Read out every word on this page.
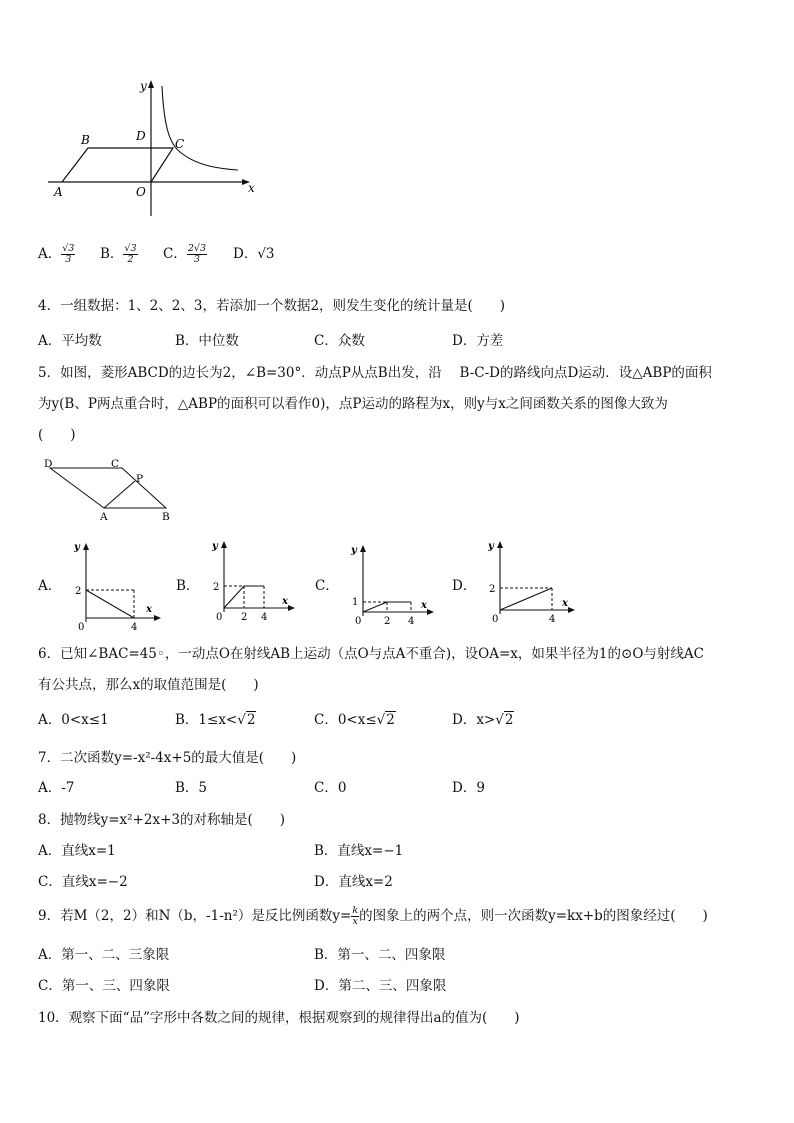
y
x
A
B	D
C
O
A． $\frac{√3}{3}$ B． $\frac{√3}{2}$ C． $\frac{2√3}{3}$ D．√3
4．一组数据：1、2、2、3，若添加一个数据2，则发生变化的统计量是(　　)
A．平均数	B．中位数	C．众数	D．方差
5．如图，菱形ABCD的边长为2，∠B=30°．动点P从点B出发，沿　 B-C-D的路线向点D运动．设△ABP的面积
为y(B、P两点重合时，△ABP的面积可以看作0)，点P运动的路程为x，则y与x之间函数关系的图像大致为
(　　)
D	C
P
A	B
A．
y
x
2
0	4
B．
y
x
2
0 2 4
C．
y
x
1
0 2 4
D．
y
x
2
0	4
6．已知∠BAC=45◦，一动点O在射线AB上运动（点O与点A不重合)，设OA=x，如果半径为1的⊙O与射线AC
有公共点，那么x的取值范围是(　　)
A．0<x≤1	B．1≤x<√2	C．0<x≤√2	D．x>√2
7．二次函数y=-x²-4x+5的最大值是(　　)
A．-7	B．5	C．0	D．9
8．抛物线y=x²+2x+3的对称轴是(　　)
A．直线x=1	B．直线x=−1
C．直线x=−2	D．直线x=2
9．若M（2，2）和N（b，-1-n²）是反比例函数$y= \frac{k}{x}$ 的图象上的两个点，则一次函数y=kx+b的图象经过(　　)
A．第一、二、三象限	B．第一、二、四象限
C．第一、三、四象限	D．第二、三、四象限
10．观察下面“品”字形中各数之间的规律，根据观察到的规律得出a的值为(　　)
